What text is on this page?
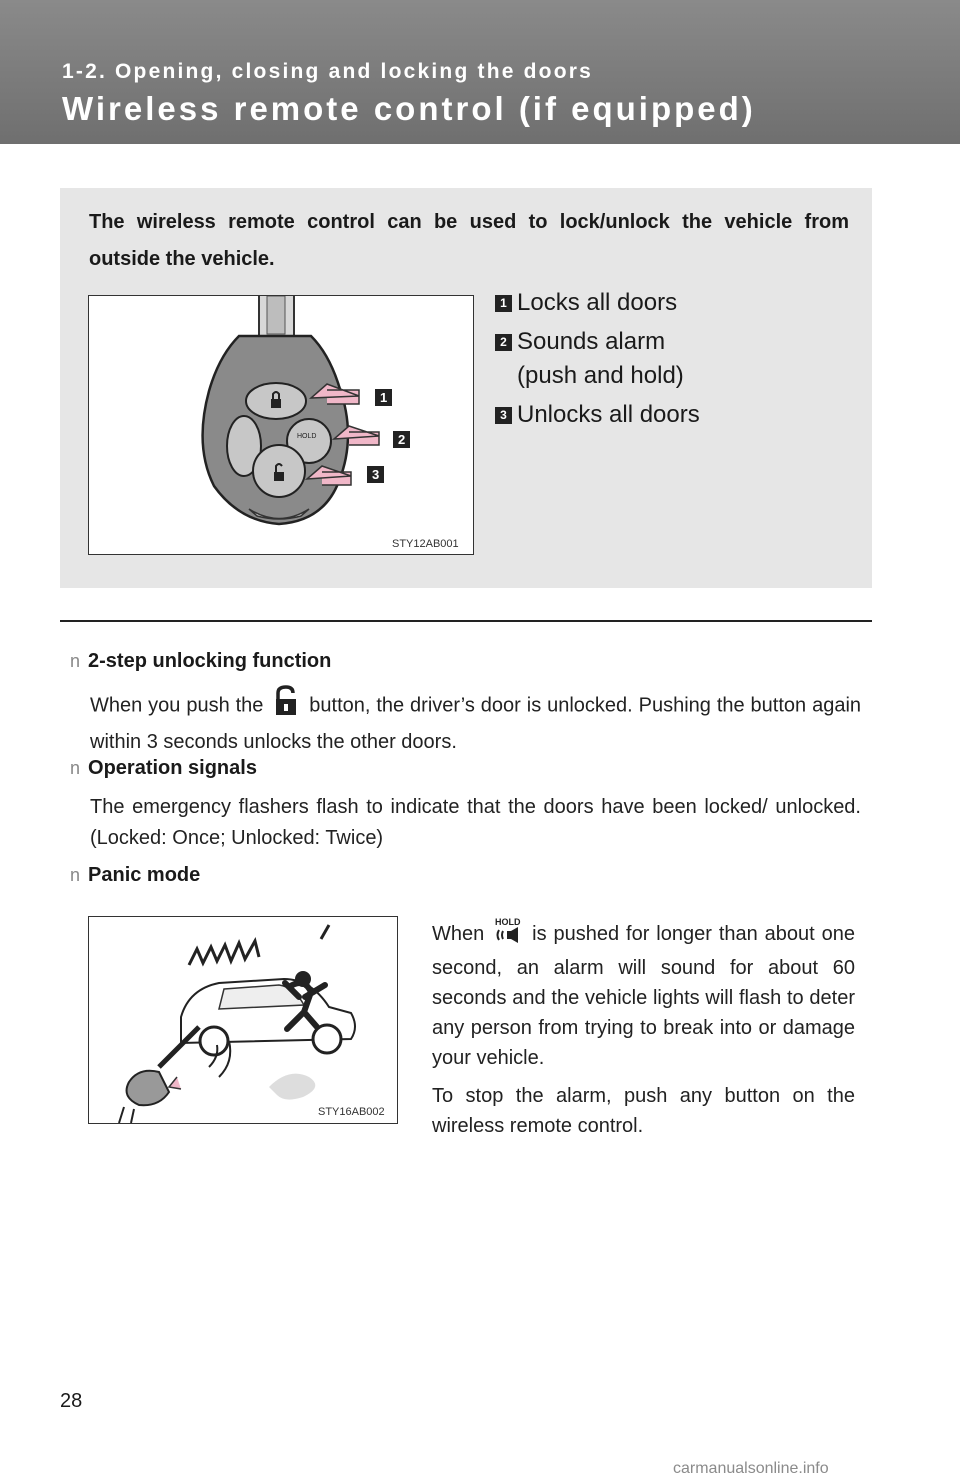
1-2. Opening, closing and locking the doors
Wireless remote control (if equipped)
The wireless remote control can be used to lock/unlock the vehicle from outside the vehicle.
HOLD
1
2
3
STY12AB001
1 Locks all doors
2 Sounds alarm
(push and hold)
3 Unlocks all doors
n 2-step unlocking function
When you push the button, the driver’s door is unlocked. Pushing the button again within 3 seconds unlocks the other doors.
n Operation signals
The emergency flashers flash to indicate that the doors have been locked/ unlocked. (Locked: Once; Unlocked: Twice)
n Panic mode
STY16AB002

When
HOLD
is pushed for longer than about one second, an alarm will sound for about 60 seconds and the vehicle lights will flash to deter any person from trying to break into or damage your vehicle.

To stop the alarm, push any button on the wireless remote control.

28
carmanualsonline.info
